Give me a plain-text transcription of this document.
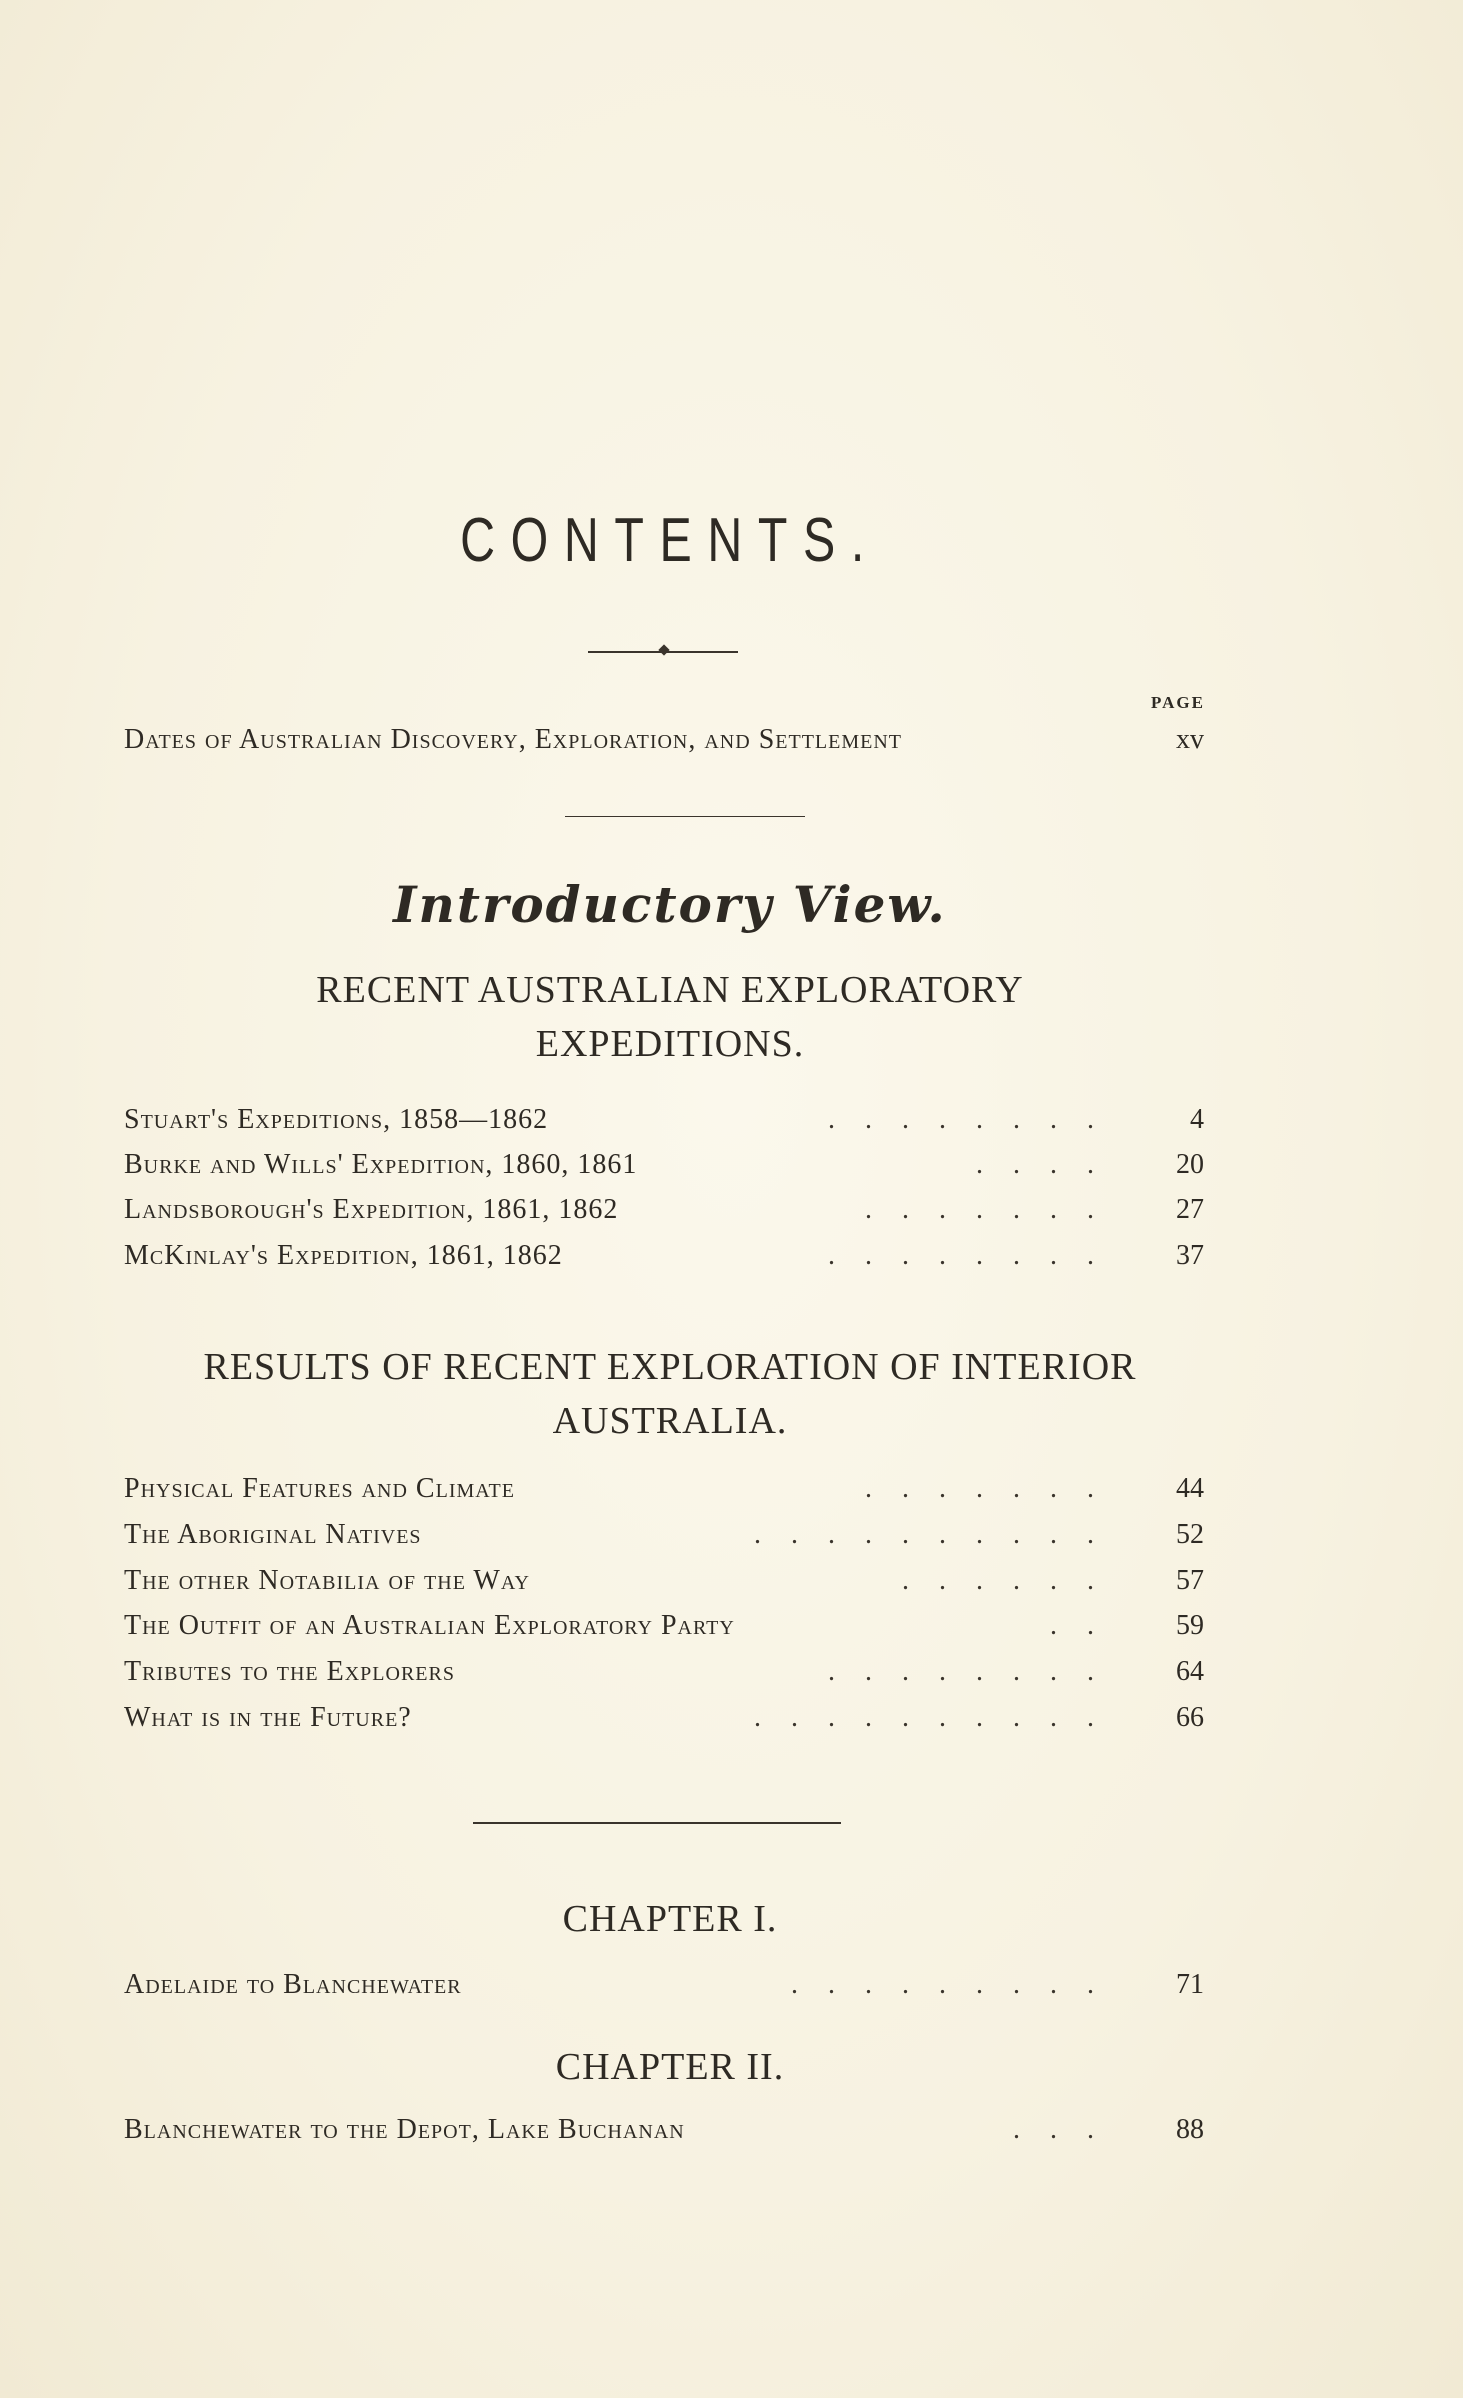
CONTENTS.
PAGE
Dates of Australian Discovery, Exploration, and Settlement	xv
Introductory View.
RECENT AUSTRALIAN EXPLORATORY
EXPEDITIONS.
Stuart's Expeditions, 1858—1862	........ 4
Burke and Wills' Expedition, 1860, 1861	.... 20
Landsborough's Expedition, 1861, 1862	....... 27
McKinlay's Expedition, 1861, 1862	........ 37
RESULTS OF RECENT EXPLORATION OF INTERIOR
AUSTRALIA.
Physical Features and Climate	....... 44
The Aboriginal Natives	.......... 52
The other Notabilia of the Way	...... 57
The Outfit of an Australian Exploratory Party	.. 59
Tributes to the Explorers	........ 64
What is in the Future?	.......... 66
CHAPTER I.
Adelaide to Blanchewater	......... 71
CHAPTER II.
Blanchewater to the Depot, Lake Buchanan	... 88
